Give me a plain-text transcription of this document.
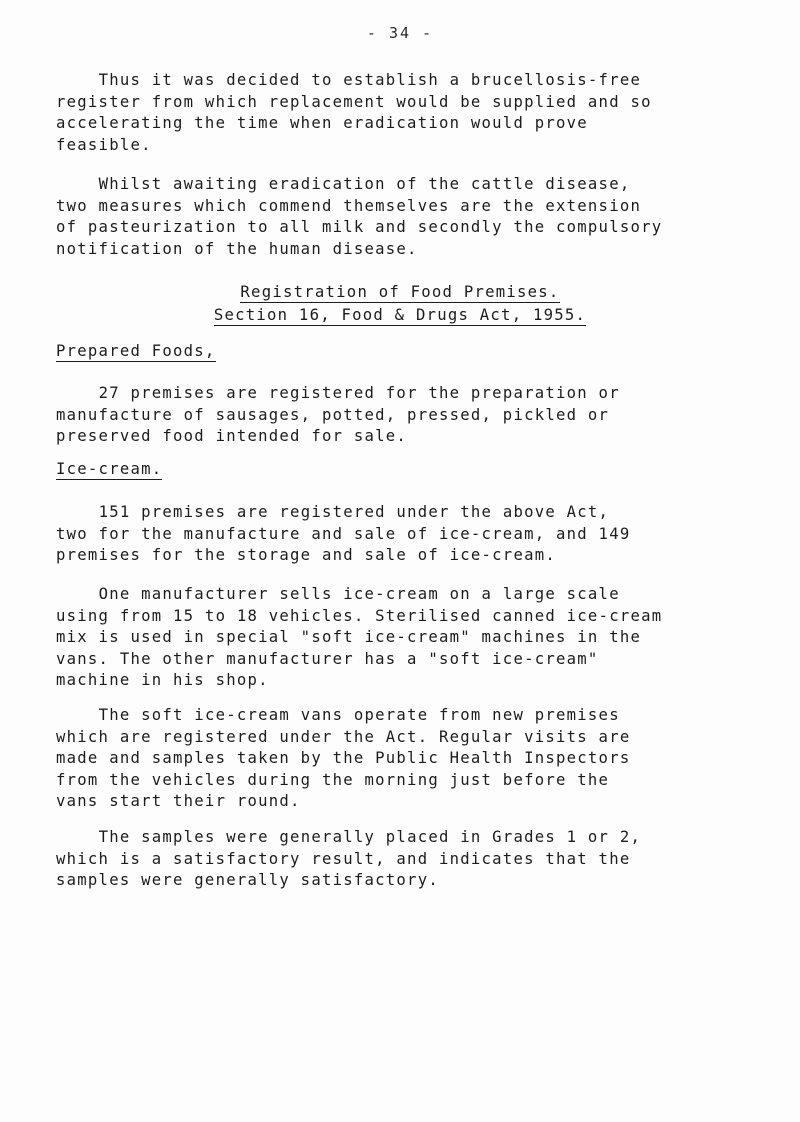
- 34 -

Thus it was decided to establish a brucellosis-free
register from which replacement would be supplied and so
accelerating the time when eradication would prove
feasible.

Whilst awaiting eradication of the cattle disease,
two measures which commend themselves are the extension
of pasteurization to all milk and secondly the compulsory
notification of the human disease.

Registration of Food Premises.
Section 16, Food & Drugs Act, 1955.
Prepared Foods,

27 premises are registered for the preparation or
manufacture of sausages, potted, pressed, pickled or
preserved food intended for sale.

Ice-cream.

151 premises are registered under the above Act,
two for the manufacture and sale of ice-cream, and 149
premises for the storage and sale of ice-cream.

One manufacturer sells ice-cream on a large scale
using from 15 to 18 vehicles. Sterilised canned ice-cream
mix is used in special "soft ice-cream" machines in the
vans. The other manufacturer has a "soft ice-cream"
machine in his shop.

The soft ice-cream vans operate from new premises
which are registered under the Act. Regular visits are
made and samples taken by the Public Health Inspectors
from the vehicles during the morning just before the
vans start their round.

The samples were generally placed in Grades 1 or 2,
which is a satisfactory result, and indicates that the
samples were generally satisfactory.
